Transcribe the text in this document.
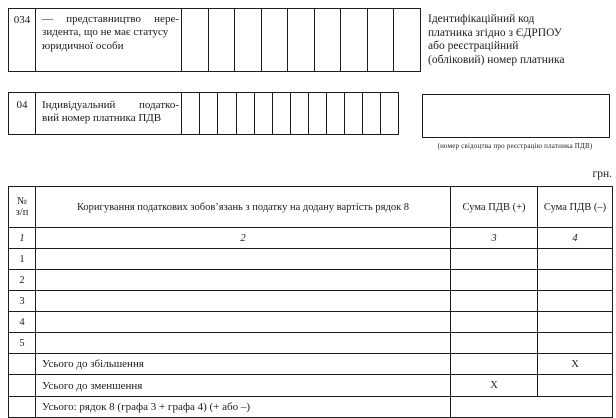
034	— представництво нере-
зидента, що не має статусу
юридичної особи
Ідентифікаційний код
платника згідно з ЄДРПОУ
або реєстраційний
(обліковий) номер платника
04	Індивідуальний податко-
вий номер платника ПДВ
(номер свідоцтва про реєстрацію платника ПДВ)
грн.
№
з/п	Коригування податкових зобов’язань з податку на додану вартість рядок 8	Сума ПДВ (+)	Сума ПДВ (–)
1	2	3	4
1			
2			
3			
4			
5			
	Усього до збільшення		X
	Усього до зменшення	X	
	Усього: рядок 8 (графа 3 + графа 4) (+ або –)		
